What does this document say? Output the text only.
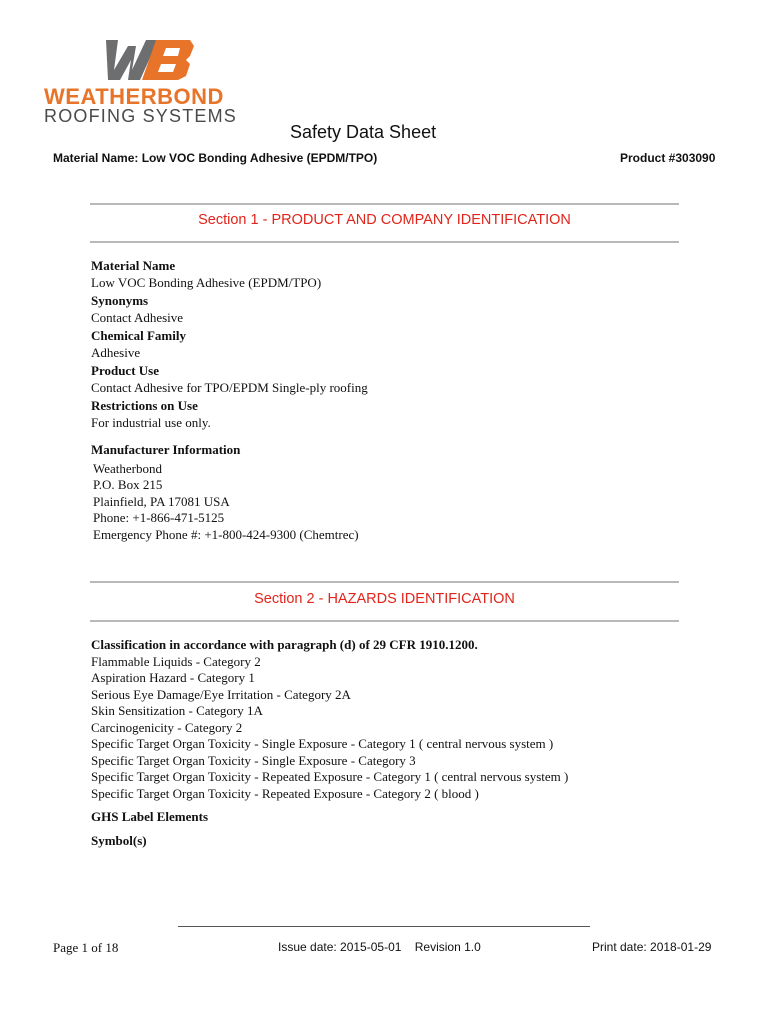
WEATHERBOND
ROOFING SYSTEMS
Safety Data Sheet
Material Name: Low VOC Bonding Adhesive (EPDM/TPO)	Product #303090
Section 1 - PRODUCT AND COMPANY IDENTIFICATION
Material Name
Low VOC Bonding Adhesive (EPDM/TPO)
Synonyms
Contact Adhesive
Chemical Family
Adhesive
Product Use
Contact Adhesive for TPO/EPDM Single-ply roofing
Restrictions on Use
For industrial use only.
Manufacturer Information
Weatherbond
P.O. Box 215
Plainfield, PA 17081 USA
Phone: +1-866-471-5125
Emergency Phone #: +1-800-424-9300 (Chemtrec)
Section 2 - HAZARDS IDENTIFICATION
Classification in accordance with paragraph (d) of 29 CFR 1910.1200.
Flammable Liquids - Category 2
Aspiration Hazard - Category 1
Serious Eye Damage/Eye Irritation - Category 2A
Skin Sensitization - Category 1A
Carcinogenicity - Category 2
Specific Target Organ Toxicity - Single Exposure - Category 1 ( central nervous system )
Specific Target Organ Toxicity - Single Exposure - Category 3
Specific Target Organ Toxicity - Repeated Exposure - Category 1 ( central nervous system )
Specific Target Organ Toxicity - Repeated Exposure - Category 2 ( blood )
GHS Label Elements
Symbol(s)
Page 1 of 18	Issue date: 2015-05-01    Revision 1.0	Print date: 2018-01-29
